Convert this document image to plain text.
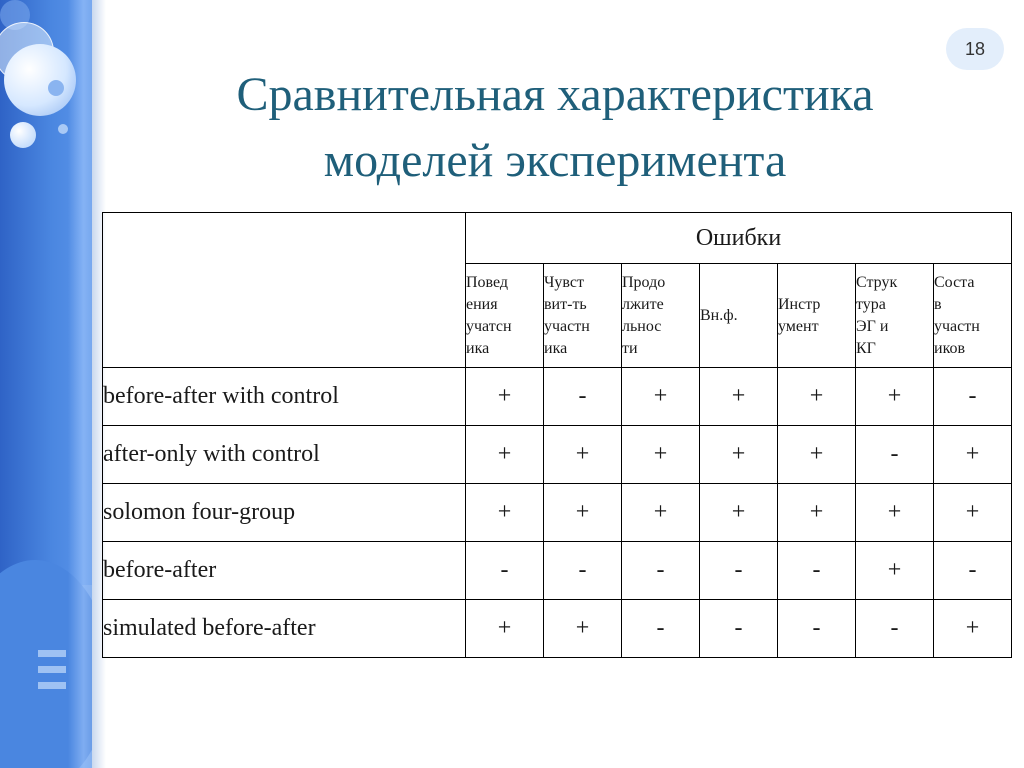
18
Сравнительная характеристика
моделей эксперимента
	Ошибки						
	Повед
ения
учатсн
ика	Чувст
вит-ть
участн
ика	Продо
лжите
льнос
ти	Вн.ф.	Инстр
умент	Струк
тура
ЭГ и
КГ	Соста
в
участн
иков
before-after with control	+	-	+	+	+	+	-
after-only with control	+	+	+	+	+	-	+
solomon four-group	+	+	+	+	+	+	+
before-after	-	-	-	-	-	+	-
simulated before-after	+	+	-	-	-	-	+
